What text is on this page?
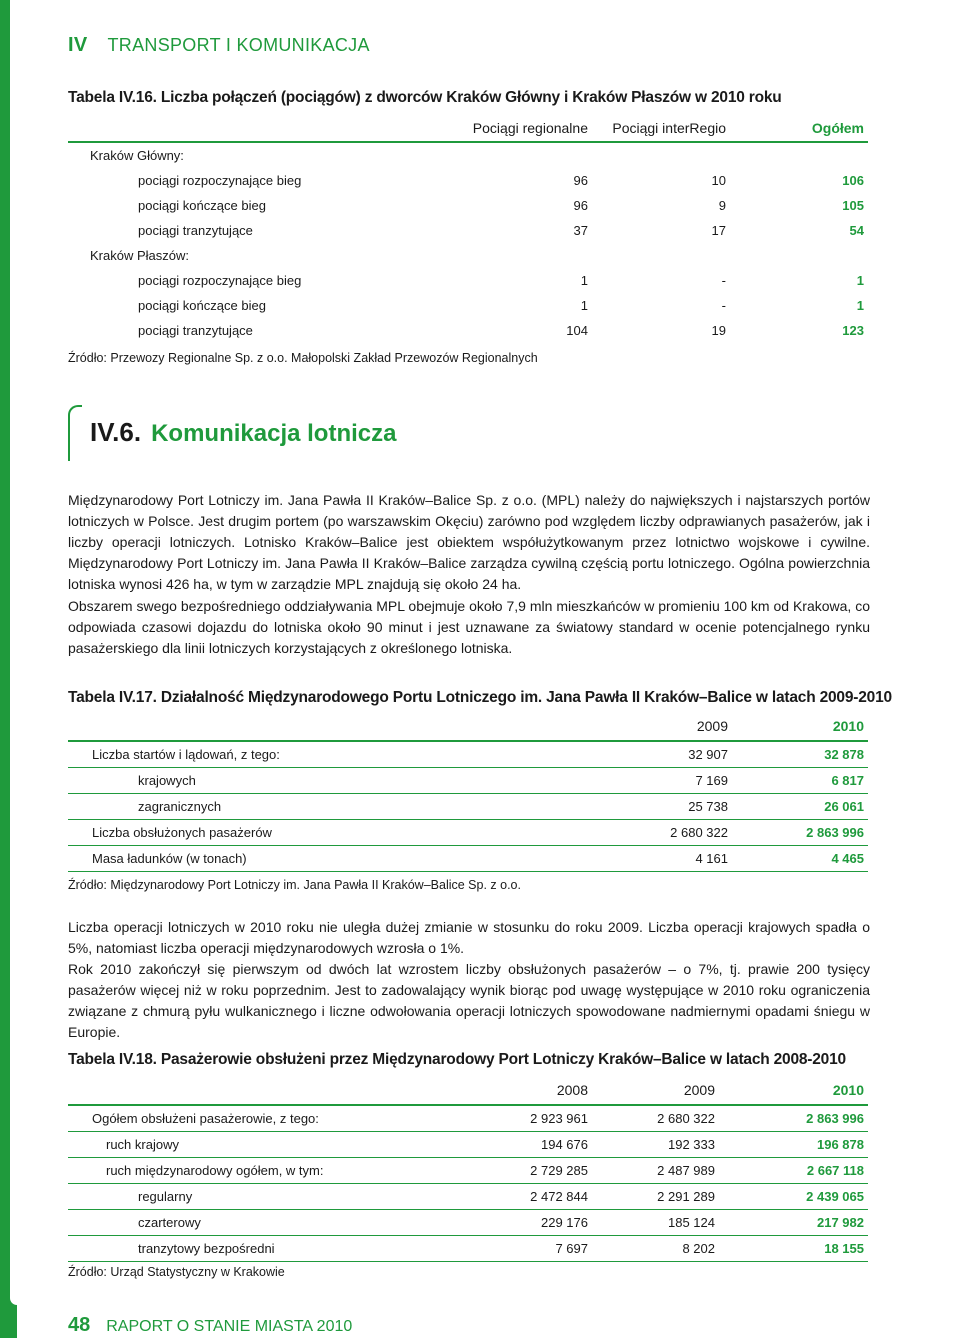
IV TRANSPORT I KOMUNIKACJA
Tabela IV.16. Liczba połączeń (pociągów) z dworców Kraków Główny i Kraków Płaszów w 2010 roku
	Pociągi regionalne	Pociągi interRegio	Ogółem
Kraków Główny:			
pociągi rozpoczynające bieg	96	10	106
pociągi kończące bieg	96	9	105
pociągi tranzytujące	37	17	54
Kraków Płaszów:			
pociągi rozpoczynające bieg	1	-	1
pociągi kończące bieg	1	-	1
pociągi tranzytujące	104	19	123
Źródło: Przewozy Regionalne Sp. z o.o. Małopolski Zakład Przewozów Regionalnych
IV.6. Komunikacja lotnicza
Międzynarodowy Port Lotniczy im. Jana Pawła II Kraków–Balice Sp. z o.o. (MPL) należy do największych i najstarszych portów lotniczych w Polsce. Jest drugim portem (po warszawskim Okęciu) zarówno pod względem liczby odprawianych pasażerów, jak i liczby operacji lotniczych. Lotnisko Kraków–Balice jest obiektem współużytkowanym przez lotnictwo wojskowe i cywilne. Międzynarodowy Port Lotniczy im. Jana Pawła II Kraków–Balice zarządza cywilną częścią portu lotniczego. Ogólna powierzchnia lotniska wynosi 426 ha, w tym w zarządzie MPL znajdują się około 24 ha.
Obszarem swego bezpośredniego oddziaływania MPL obejmuje około 7,9 mln mieszkańców w promieniu 100 km od Krakowa, co odpowiada czasowi dojazdu do lotniska około 90 minut i jest uznawane za światowy standard w ocenie potencjalnego rynku pasażerskiego dla linii lotniczych korzystających z określonego lotniska.
Tabela IV.17. Działalność Międzynarodowego Portu Lotniczego im. Jana Pawła II Kraków–Balice w latach 2009-2010
	2009	2010
Liczba startów i lądowań, z tego:	32 907	32 878
krajowych	7 169	6 817
zagranicznych	25 738	26 061
Liczba obsłużonych pasażerów	2 680 322	2 863 996
Masa ładunków (w tonach)	4 161	4 465
Źródło: Międzynarodowy Port Lotniczy im. Jana Pawła II Kraków–Balice Sp. z o.o.
Liczba operacji lotniczych w 2010 roku nie uległa dużej zmianie w stosunku do roku 2009. Liczba operacji krajowych spadła o 5%, natomiast liczba operacji międzynarodowych wzrosła o 1%.
Rok 2010 zakończył się pierwszym od dwóch lat wzrostem liczby obsłużonych pasażerów – o 7%, tj. prawie 200 tysięcy pasażerów więcej niż w roku poprzednim. Jest to zadowalający wynik biorąc pod uwagę występujące w 2010 roku ograniczenia związane z chmurą pyłu wulkanicznego i liczne odwołowania operacji lotniczych spowodowane nadmiernymi opadami śniegu w Europie.
Tabela IV.18. Pasażerowie obsłużeni przez Międzynarodowy Port Lotniczy Kraków–Balice w latach 2008-2010
	2008	2009	2010
Ogółem obsłużeni pasażerowie, z tego:	2 923 961	2 680 322	2 863 996
ruch krajowy	194 676	192 333	196 878
ruch międzynarodowy ogółem, w tym:	2 729 285	2 487 989	2 667 118
regularny	2 472 844	2 291 289	2 439 065
czarterowy	229 176	185 124	217 982
tranzytowy bezpośredni	7 697	8 202	18 155
Źródło: Urząd Statystyczny w Krakowie
48 RAPORT O STANIE MIASTA 2010
